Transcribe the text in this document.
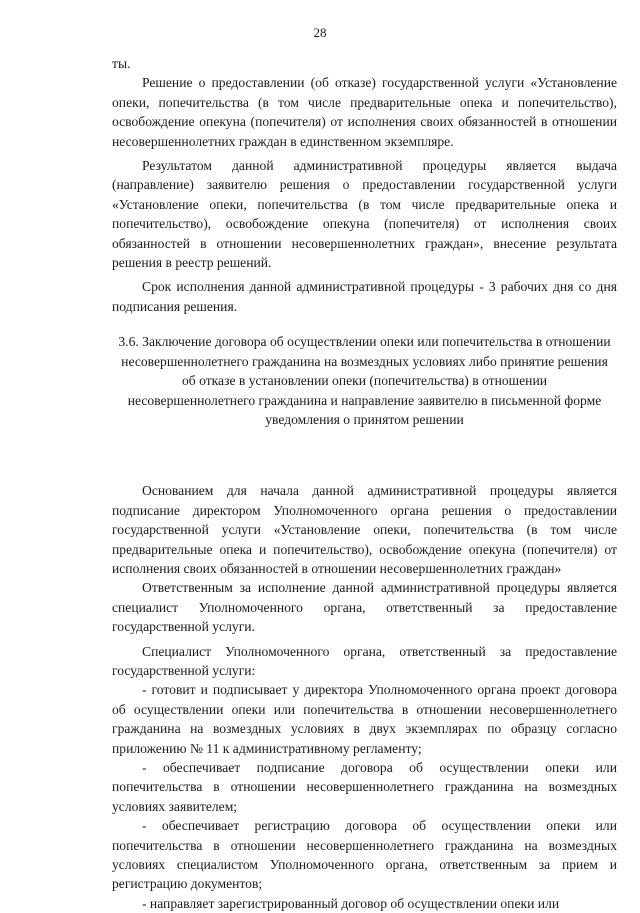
28

ты.

Решение о предоставлении (об отказе) государственной услуги «Установление опеки, попечительства (в том числе предварительные опека и попечительство), освобождение опекуна (попечителя) от исполнения своих обязанностей в отношении несовершеннолетних граждан в единственном экземпляре.

Результатом данной административной процедуры является выдача (направление) заявителю решения о предоставлении государственной услуги «Установление опеки, попечительства (в том числе предварительные опека и попечительство), освобождение опекуна (попечителя) от исполнения своих обязанностей в отношении несовершеннолетних граждан», внесение результата решения в реестр решений.

Срок исполнения данной административной процедуры - 3 рабочих дня со дня подписания решения.

3.6. Заключение договора об осуществлении опеки или попечительства в отношении несовершеннолетнего гражданина на возмездных условиях либо принятие решения об отказе в установлении опеки (попечительства) в отношении несовершеннолетнего гражданина и направление заявителю в письменной форме уведомления о принятом решении

Основанием для начала данной административной процедуры является подписание директором Уполномоченного органа решения о предоставлении государственной услуги «Установление опеки, попечительства (в том числе предварительные опека и попечительство), освобождение опекуна (попечителя) от исполнения своих обязанностей в отношении несовершеннолетних граждан»

Ответственным за исполнение данной административной процедуры является специалист Уполномоченного органа, ответственный за предоставление государственной услуги.

Специалист Уполномоченного органа, ответственный за предоставление государственной услуги:

- готовит и подписывает у директора Уполномоченного органа проект договора об осуществлении опеки или попечительства в отношении несовершеннолетнего гражданина на возмездных условиях в двух экземплярах по образцу согласно приложению № 11 к административному регламенту;

- обеспечивает подписание договора об осуществлении опеки или попечительства в отношении несовершеннолетнего гражданина на возмездных условиях заявителем;

- обеспечивает регистрацию договора об осуществлении опеки или попечительства в отношении несовершеннолетнего гражданина на возмездных условиях специалистом Уполномоченного органа, ответственным за прием и регистрацию документов;

- направляет зарегистрированный договор об осуществлении опеки или
